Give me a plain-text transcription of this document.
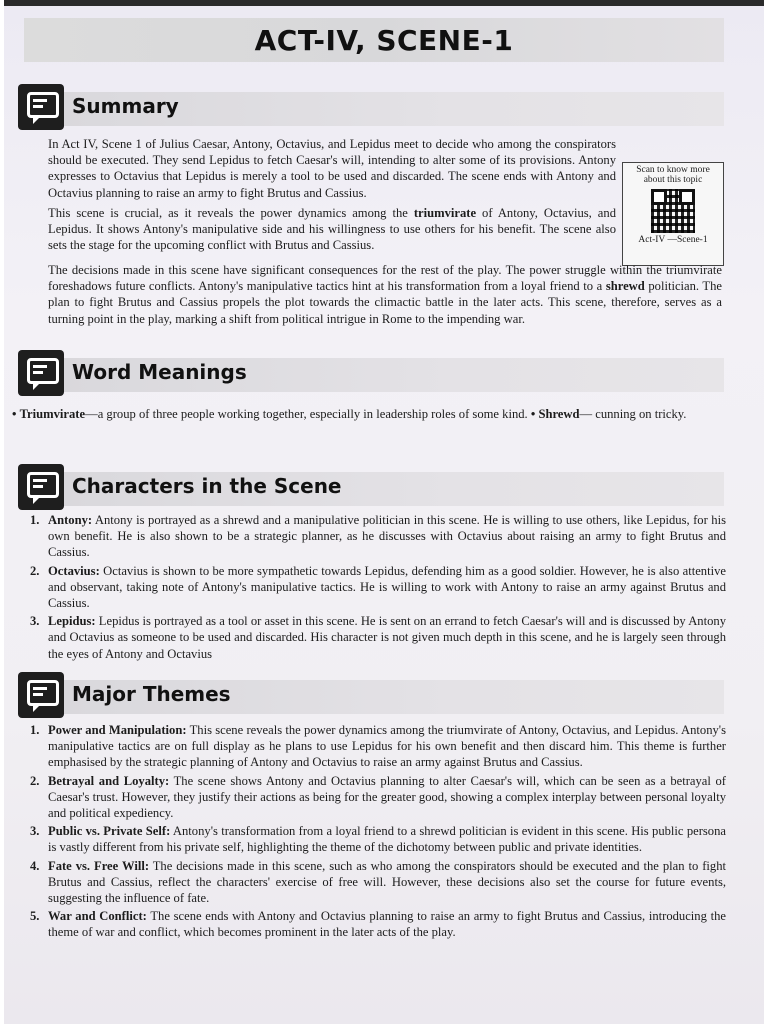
ACT-IV, SCENE-1
Summary

In Act IV, Scene 1 of Julius Caesar, Antony, Octavius, and Lepidus meet to decide who among the conspirators should be executed. They send Lepidus to fetch Caesar's will, intending to alter some of its provisions. Antony expresses to Octavius that Lepidus is merely a tool to be used and discarded. The scene ends with Antony and Octavius planning to raise an army to fight Brutus and Cassius.

Scan to know more about this topic
Act-IV —Scene-1

This scene is crucial, as it reveals the power dynamics among the triumvirate of Antony, Octavius, and Lepidus. It shows Antony's manipulative side and his willingness to use others for his benefit. The scene also sets the stage for the upcoming conflict with Brutus and Cassius.

The decisions made in this scene have significant consequences for the rest of the play. The power struggle within the triumvirate foreshadows future conflicts. Antony's manipulative tactics hint at his transformation from a loyal friend to a shrewd politician. The plan to fight Brutus and Cassius propels the plot towards the climactic battle in the later acts. This scene, therefore, serves as a turning point in the play, marking a shift from political intrigue in Rome to the impending war.

Word Meanings

• Triumvirate—a group of three people working together, especially in leadership roles of some kind. • Shrewd— cunning on tricky.

Characters in the Scene
1. Antony: Antony is portrayed as a shrewd and a manipulative politician in this scene. He is willing to use others, like Lepidus, for his own benefit. He is also shown to be a strategic planner, as he discusses with Octavius about raising an army to fight Brutus and Cassius.
2. Octavius: Octavius is shown to be more sympathetic towards Lepidus, defending him as a good soldier. However, he is also attentive and observant, taking note of Antony's manipulative tactics. He is willing to work with Antony to raise an army against Brutus and Cassius.
3. Lepidus: Lepidus is portrayed as a tool or asset in this scene. He is sent on an errand to fetch Caesar's will and is discussed by Antony and Octavius as someone to be used and discarded. His character is not given much depth in this scene, and he is largely seen through the eyes of Antony and Octavius
Major Themes
1. Power and Manipulation: This scene reveals the power dynamics among the triumvirate of Antony, Octavius, and Lepidus. Antony's manipulative tactics are on full display as he plans to use Lepidus for his own benefit and then discard him. This theme is further emphasised by the strategic planning of Antony and Octavius to raise an army against Brutus and Cassius.
2. Betrayal and Loyalty: The scene shows Antony and Octavius planning to alter Caesar's will, which can be seen as a betrayal of Caesar's trust. However, they justify their actions as being for the greater good, showing a complex interplay between personal loyalty and political expediency.
3. Public vs. Private Self: Antony's transformation from a loyal friend to a shrewd politician is evident in this scene. His public persona is vastly different from his private self, highlighting the theme of the dichotomy between public and private identities.
4. Fate vs. Free Will: The decisions made in this scene, such as who among the conspirators should be executed and the plan to fight Brutus and Cassius, reflect the characters' exercise of free will. However, these decisions also set the course for future events, suggesting the influence of fate.
5. War and Conflict: The scene ends with Antony and Octavius planning to raise an army to fight Brutus and Cassius, introducing the theme of war and conflict, which becomes prominent in the later acts of the play.
